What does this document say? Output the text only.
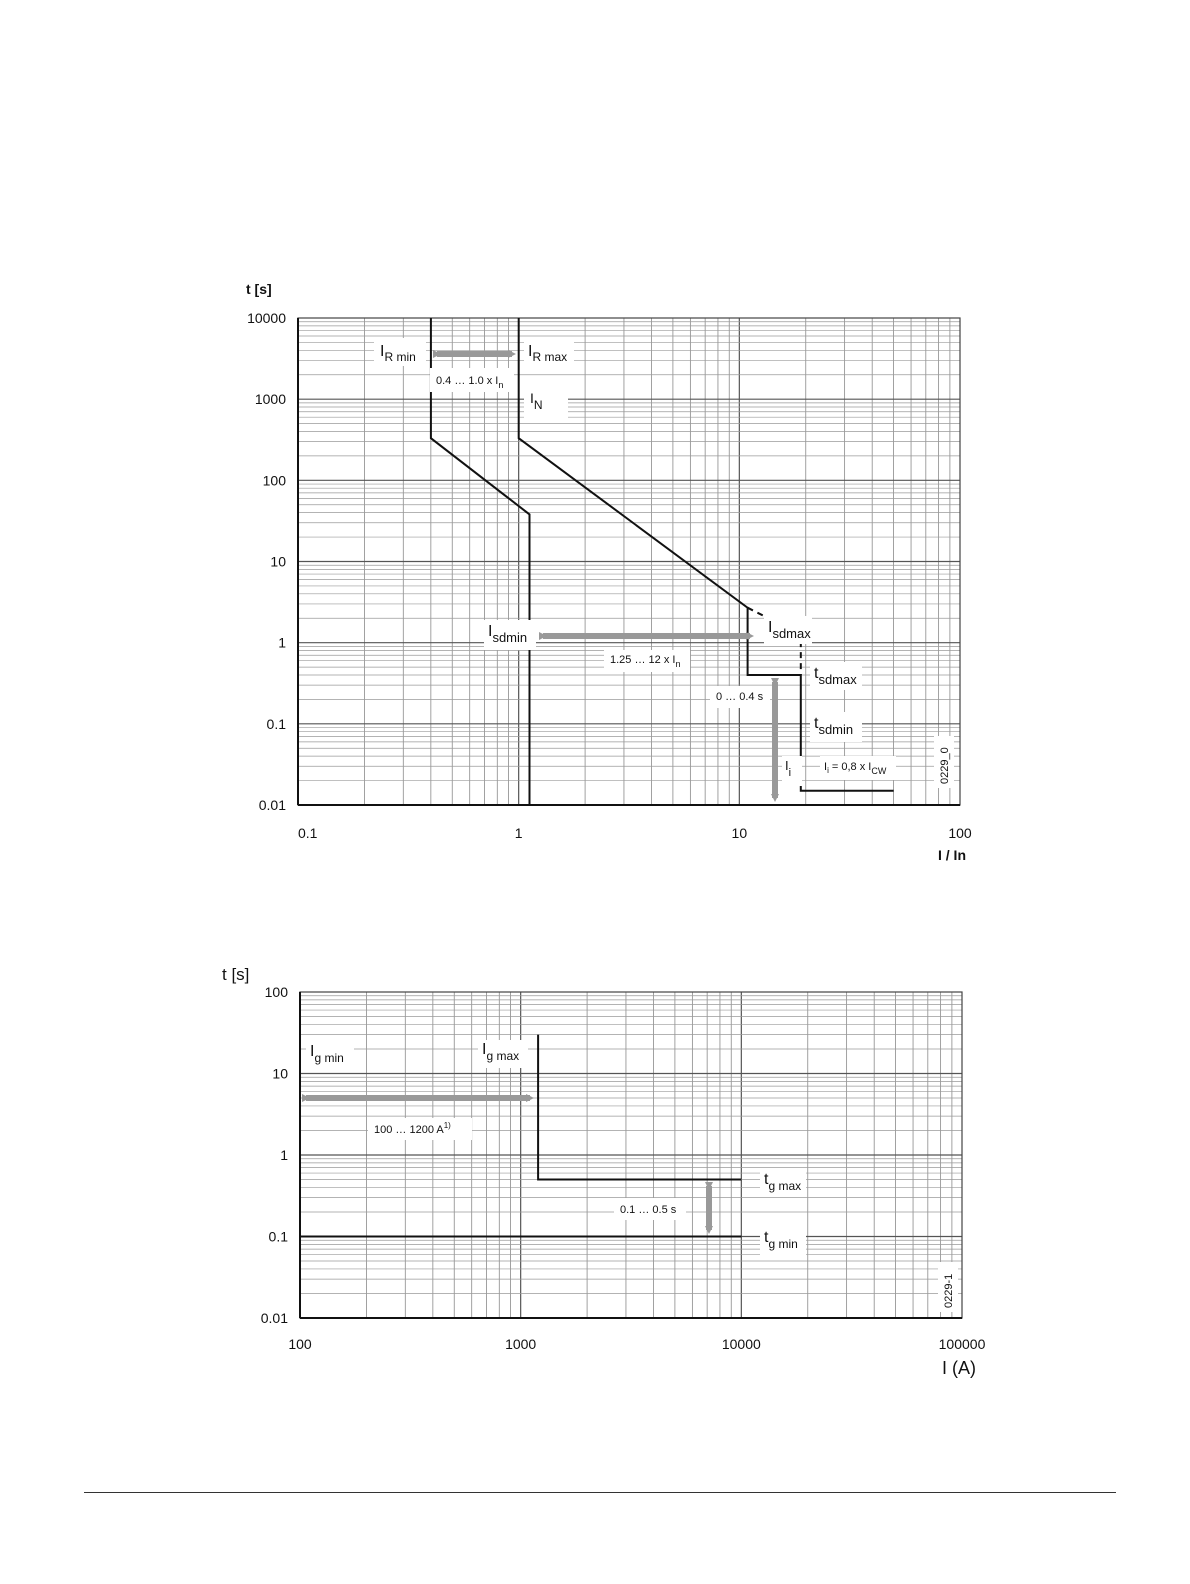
0.1	1	10	100
10000
1000
100
10
1
0.1
0.01
$I_{R min}$	$I_{R max}$
0.4 … 1.0 x $I_n$
IN
$I_{sdmin}$
1.25 … 12 x $I_n$
$I_{sdmax}$
$t_{sdmax}$
0 … 0.4 s
$t_{sdmin}$
$I_i$	$I_i = 0,8$ x $I_{CW}$	0229_0
t [s]
I / In
100	1000	10000	100000
100
10
1
0.1
0.01
$I_{g min}$	$I_{g max}$
100 … 1200 $A^{1)}$
$t_{g max}$
0.1 … 0.5 s
$t_{g min}$
0229-1
t [s]
I (A)
